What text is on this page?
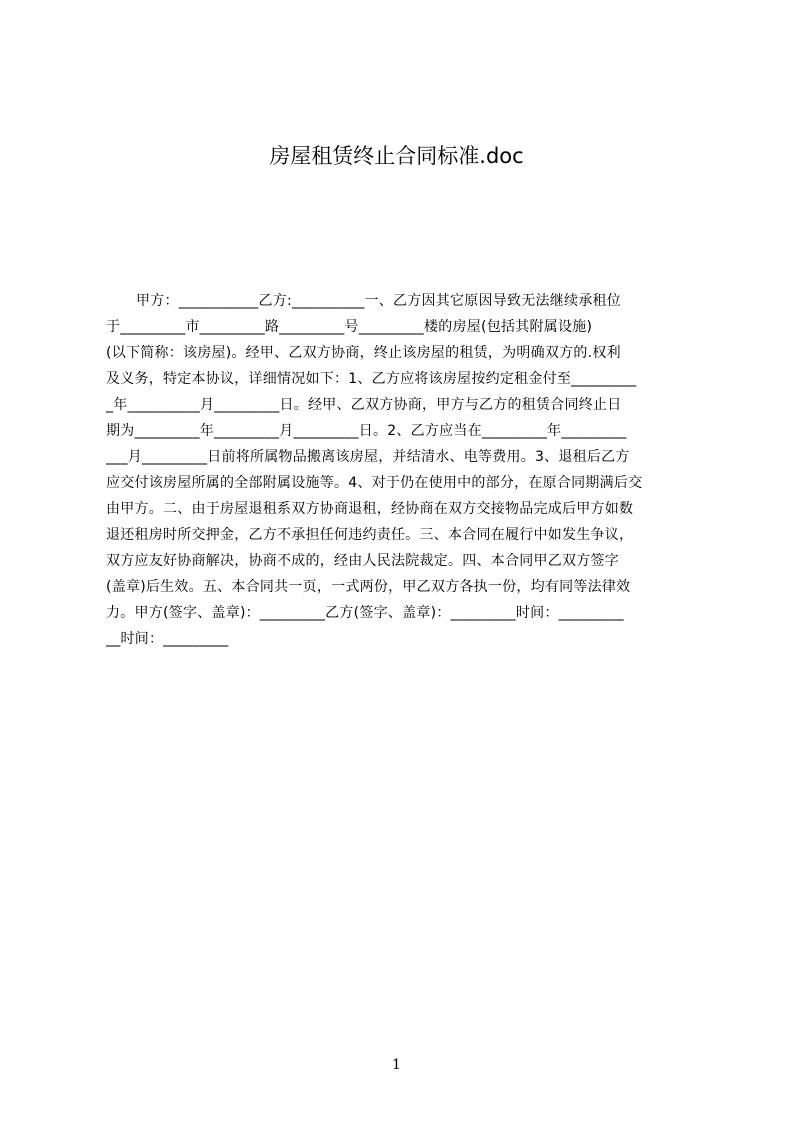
房屋租赁终止合同标准.doc
甲方：___________乙方:__________一、乙方因其它原因导致无法继续承租位
于_________市_________路_________号_________楼的房屋(包括其附属设施)
(以下简称：该房屋)。经甲、乙双方协商，终止该房屋的租赁，为明确双方的.权利
及义务，特定本协议，详细情况如下：1、乙方应将该房屋按约定租金付至_________
_年__________月_________日。经甲、乙双方协商，甲方与乙方的租赁合同终止日
期为_________年_________月_________日。2、乙方应当在_________年_________
___月_________日前将所属物品搬离该房屋，并结清水、电等费用。3、退租后乙方
应交付该房屋所属的全部附属设施等。4、对于仍在使用中的部分，在原合同期满后交
由甲方。二、由于房屋退租系双方协商退租，经协商在双方交接物品完成后甲方如数
退还租房时所交押金，乙方不承担任何违约责任。三、本合同在履行中如发生争议，
双方应友好协商解决，协商不成的，经由人民法院裁定。四、本合同甲乙双方签字
(盖章)后生效。五、本合同共一页，一式两份，甲乙双方各执一份，均有同等法律效
力。甲方(签字、盖章)：_________乙方(签字、盖章)：_________时间：_________
__时间：_________
1
